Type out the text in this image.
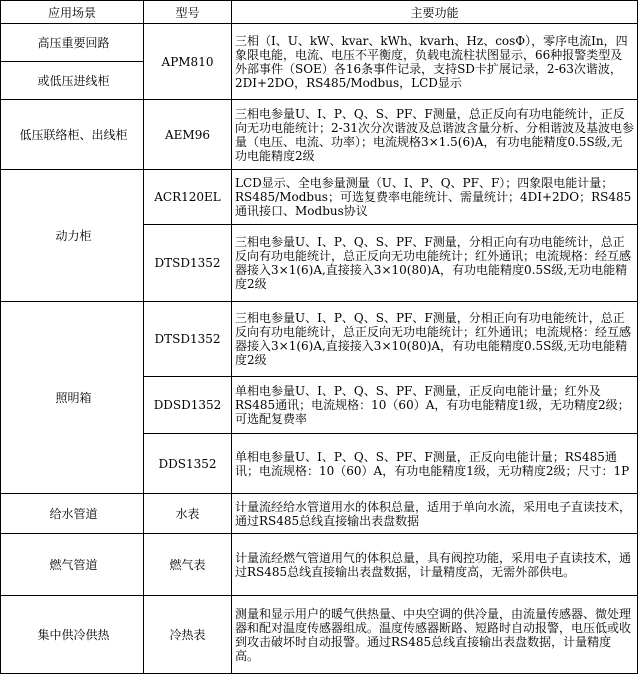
应用场景	型号	主要功能
高压重要回路	APM810	三相（I、U、kW、kvar、kWh、kvarh、Hz、cosΦ），零序电流In，四象限电能，电流、电压不平衡度，负载电流柱状图显示，66种报警类型及外部事件（SOE）各16条事件记录，支持SD卡扩展记录，2-63次谐波，2DI+2DO，RS485/Modbus，LCD显示
或低压进线柜		
低压联络柜、出线柜	AEM96	三相电参量U、I、P、Q、S、PF、F测量，总正反向有功电能统计，正反向无功电能统计；2-31次分次谐波及总谐波含量分析、分相谐波及基波电参量（电压、电流、功率）；电流规格3×1.5(6)A，有功电能精度0.5S级,无功电能精度2级
动力柜	ACR120EL	LCD显示、全电参量测量（U、I、P、Q、PF、F）；四象限电能计量；RS485/Modbus；可选复费率电能统计、需量统计；4DI+2DO；RS485通讯接口、Modbus协议
	DTSD1352	三相电参量U、I、P、Q、S、PF、F测量，分相正向有功电能统计，总正反向有功电能统计，总正反向无功电能统计；红外通讯；电流规格：经互感器接入3×1(6)A,直接接入3×10(80)A，有功电能精度0.5S级,无功电能精度2级
照明箱	DTSD1352	三相电参量U、I、P、Q、S、PF、F测量，分相正向有功电能统计，总正反向有功电能统计，总正反向无功电能统计；红外通讯；电流规格：经互感器接入3×1(6)A,直接接入3×10(80)A，有功电能精度0.5S级,无功电能精度2级
	DDSD1352	单相电参量U、I、P、Q、S、PF、F测量，正反向电能计量；红外及RS485通讯；电流规格：10（60）A，有功电能精度1级，无功精度2级；可选配复费率
	DDS1352	单相电参量U、I、P、Q、S、PF、F测量，正反向电能计量；RS485通讯；电流规格：10（60）A，有功电能精度1级，无功精度2级；尺寸：1P
给水管道	水表	计量流经给水管道用水的体积总量，适用于单向水流，采用电子直读技术，通过RS485总线直接输出表盘数据
燃气管道	燃气表	计量流经燃气管道用气的体积总量，具有阀控功能，采用电子直读技术，通过RS485总线直接输出表盘数据，计量精度高，无需外部供电。
集中供冷供热	冷热表	测量和显示用户的暖气供热量、中央空调的供冷量，由流量传感器、微处理器和配对温度传感器组成。温度传感器断路、短路时自动报警，电压低或收到攻击破坏时自动报警。通过RS485总线直接输出表盘数据，计量精度高。
